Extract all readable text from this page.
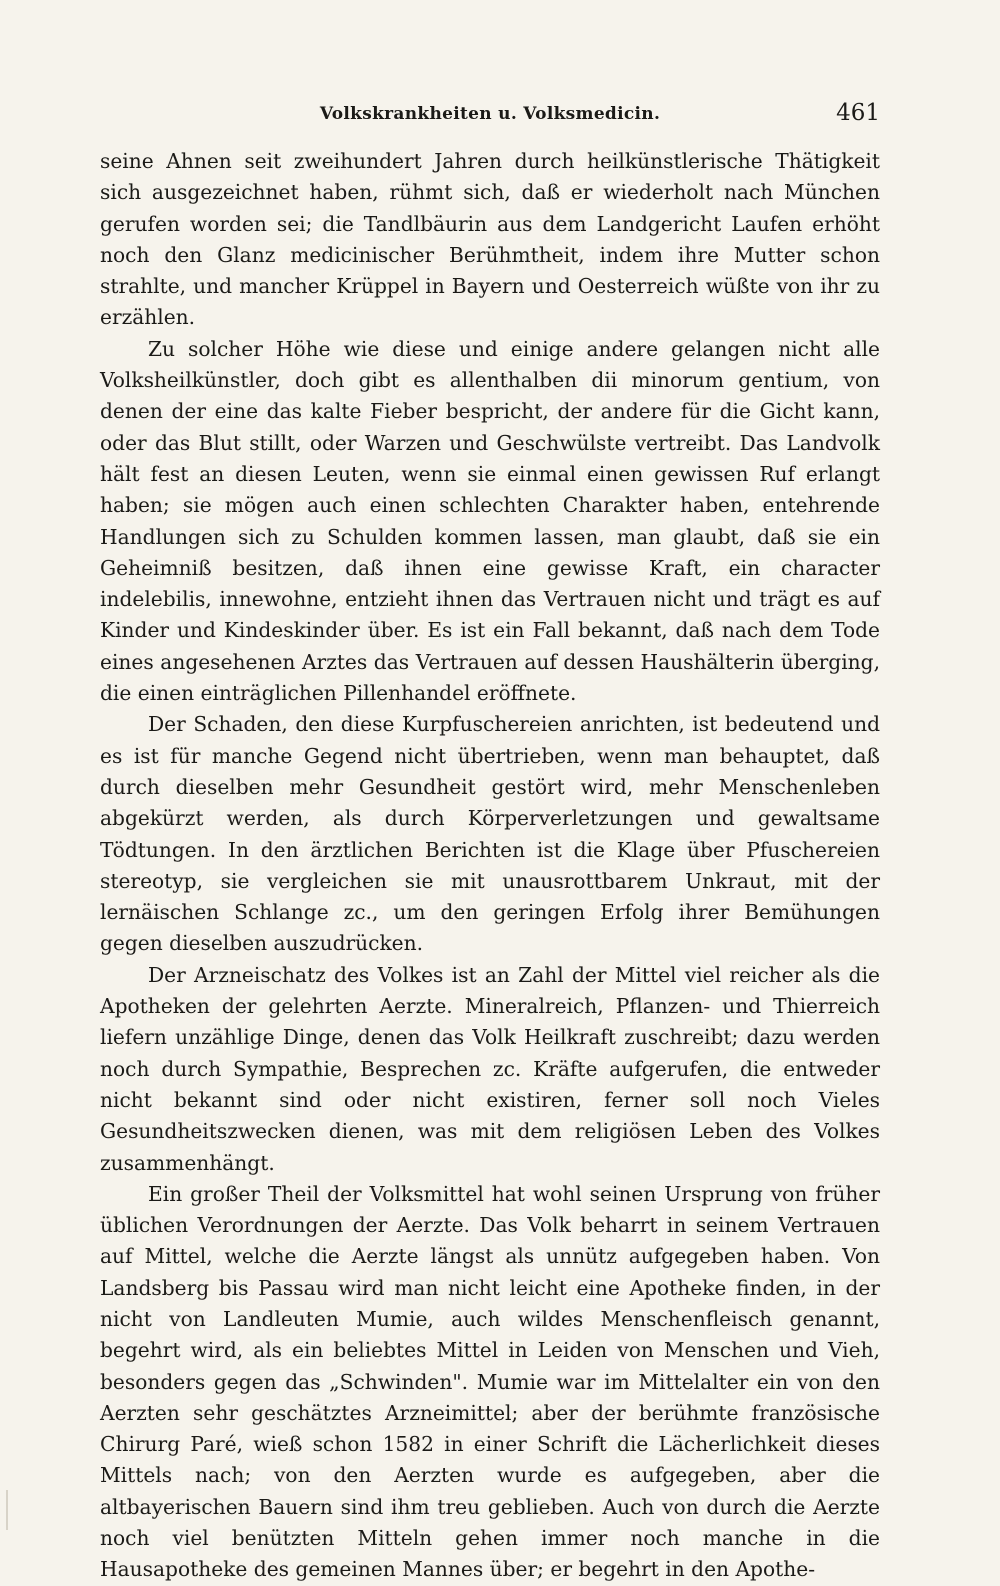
Volkskrankheiten u. Volksmedicin.	461

seine Ahnen seit zweihundert Jahren durch heilkünstlerische Thätigkeit sich ausgezeichnet haben, rühmt sich, daß er wiederholt nach München gerufen worden sei; die Tandlbäurin aus dem Landgericht Laufen erhöht noch den Glanz medicinischer Berühmtheit, indem ihre Mutter schon strahlte, und mancher Krüppel in Bayern und Oesterreich wüßte von ihr zu erzählen.

Zu solcher Höhe wie diese und einige andere gelangen nicht alle Volksheilkünstler, doch gibt es allenthalben dii minorum gentium, von denen der eine das kalte Fieber bespricht, der andere für die Gicht kann, oder das Blut stillt, oder Warzen und Geschwülste vertreibt. Das Landvolk hält fest an diesen Leuten, wenn sie einmal einen gewissen Ruf erlangt haben; sie mögen auch einen schlechten Charakter haben, entehrende Handlungen sich zu Schulden kommen lassen, man glaubt, daß sie ein Geheimniß besitzen, daß ihnen eine gewisse Kraft, ein character indelebilis, innewohne, entzieht ihnen das Vertrauen nicht und trägt es auf Kinder und Kindeskinder über. Es ist ein Fall bekannt, daß nach dem Tode eines angesehenen Arztes das Vertrauen auf dessen Haushälterin überging, die einen einträglichen Pillenhandel eröffnete.

Der Schaden, den diese Kurpfuschereien anrichten, ist bedeutend und es ist für manche Gegend nicht übertrieben, wenn man behauptet, daß durch dieselben mehr Gesundheit gestört wird, mehr Menschenleben abgekürzt werden, als durch Körperverletzungen und gewaltsame Tödtungen. In den ärztlichen Berichten ist die Klage über Pfuschereien stereotyp, sie vergleichen sie mit unausrottbarem Unkraut, mit der lernäischen Schlange zc., um den geringen Erfolg ihrer Bemühungen gegen dieselben auszudrücken.

Der Arzneischatz des Volkes ist an Zahl der Mittel viel reicher als die Apotheken der gelehrten Aerzte. Mineralreich, Pflanzen- und Thierreich liefern unzählige Dinge, denen das Volk Heilkraft zuschreibt; dazu werden noch durch Sympathie, Besprechen zc. Kräfte aufgerufen, die entweder nicht bekannt sind oder nicht existiren, ferner soll noch Vieles Gesundheitszwecken dienen, was mit dem religiösen Leben des Volkes zusammenhängt.

Ein großer Theil der Volksmittel hat wohl seinen Ursprung von früher üblichen Verordnungen der Aerzte. Das Volk beharrt in seinem Vertrauen auf Mittel, welche die Aerzte längst als unnütz aufgegeben haben. Von Landsberg bis Passau wird man nicht leicht eine Apotheke finden, in der nicht von Landleuten Mumie, auch wildes Menschenfleisch genannt, begehrt wird, als ein beliebtes Mittel in Leiden von Menschen und Vieh, besonders gegen das „Schwinden". Mumie war im Mittelalter ein von den Aerzten sehr geschätztes Arzneimittel; aber der berühmte französische Chirurg Paré, wieß schon 1582 in einer Schrift die Lächerlichkeit dieses Mittels nach; von den Aerzten wurde es aufgegeben, aber die altbayerischen Bauern sind ihm treu geblieben. Auch von durch die Aerzte noch viel benützten Mitteln gehen immer noch manche in die Hausapotheke des gemeinen Mannes über; er begehrt in den Apothe-
